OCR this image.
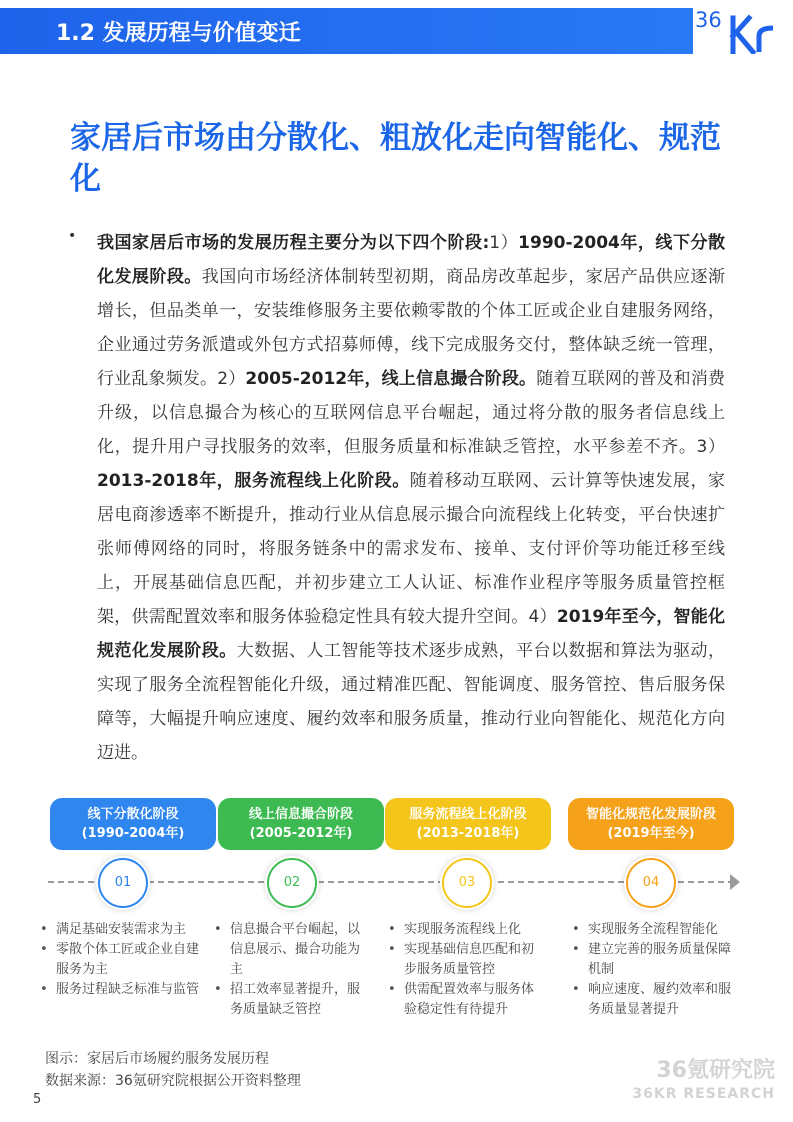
1.2 发展历程与价值变迁
36
家居后市场由分散化、粗放化走向智能化、规范化
• 我国家居后市场的发展历程主要分为以下四个阶段:1）1990-2004年，线下分散化发展阶段。我国向市场经济体制转型初期，商品房改革起步，家居产品供应逐渐增长，但品类单一，安装维修服务主要依赖零散的个体工匠或企业自建服务网络，企业通过劳务派遣或外包方式招募师傅，线下完成服务交付，整体缺乏统一管理，行业乱象频发。2）2005-2012年，线上信息撮合阶段。随着互联网的普及和消费升级，以信息撮合为核心的互联网信息平台崛起，通过将分散的服务者信息线上化，提升用户寻找服务的效率，但服务质量和标准缺乏管控，水平参差不齐。3）2013-2018年，服务流程线上化阶段。随着移动互联网、云计算等快速发展，家居电商渗透率不断提升，推动行业从信息展示撮合向流程线上化转变，平台快速扩张师傅网络的同时，将服务链条中的需求发布、接单、支付评价等功能迁移至线上，开展基础信息匹配，并初步建立工人认证、标准作业程序等服务质量管控框架，供需配置效率和服务体验稳定性具有较大提升空间。4）2019年至今，智能化规范化发展阶段。大数据、人工智能等技术逐步成熟，平台以数据和算法为驱动，实现了服务全流程智能化升级，通过精准匹配、智能调度、服务管控、售后服务保障等，大幅提升响应速度、履约效率和服务质量，推动行业向智能化、规范化方向迈进。
线下分散化阶段
(1990-2004年)
线上信息撮合阶段
(2005-2012年)
服务流程线上化阶段
(2013-2018年)
智能化规范化发展阶段
(2019年至今)
01	02	03	04
• 满足基础安装需求为主
• 零散个体工匠或企业自建服务为主
• 服务过程缺乏标准与监管
• 信息撮合平台崛起，以信息展示、撮合功能为主
• 招工效率显著提升，服务质量缺乏管控
• 实现服务流程线上化
• 实现基础信息匹配和初步服务质量管控
• 供需配置效率与服务体验稳定性有待提升
• 实现服务全流程智能化
• 建立完善的服务质量保障机制
• 响应速度、履约效率和服务质量显著提升
图示：家居后市场履约服务发展历程
数据来源：36氪研究院根据公开资料整理	36氪研究院
36KR RESEARCH
5
